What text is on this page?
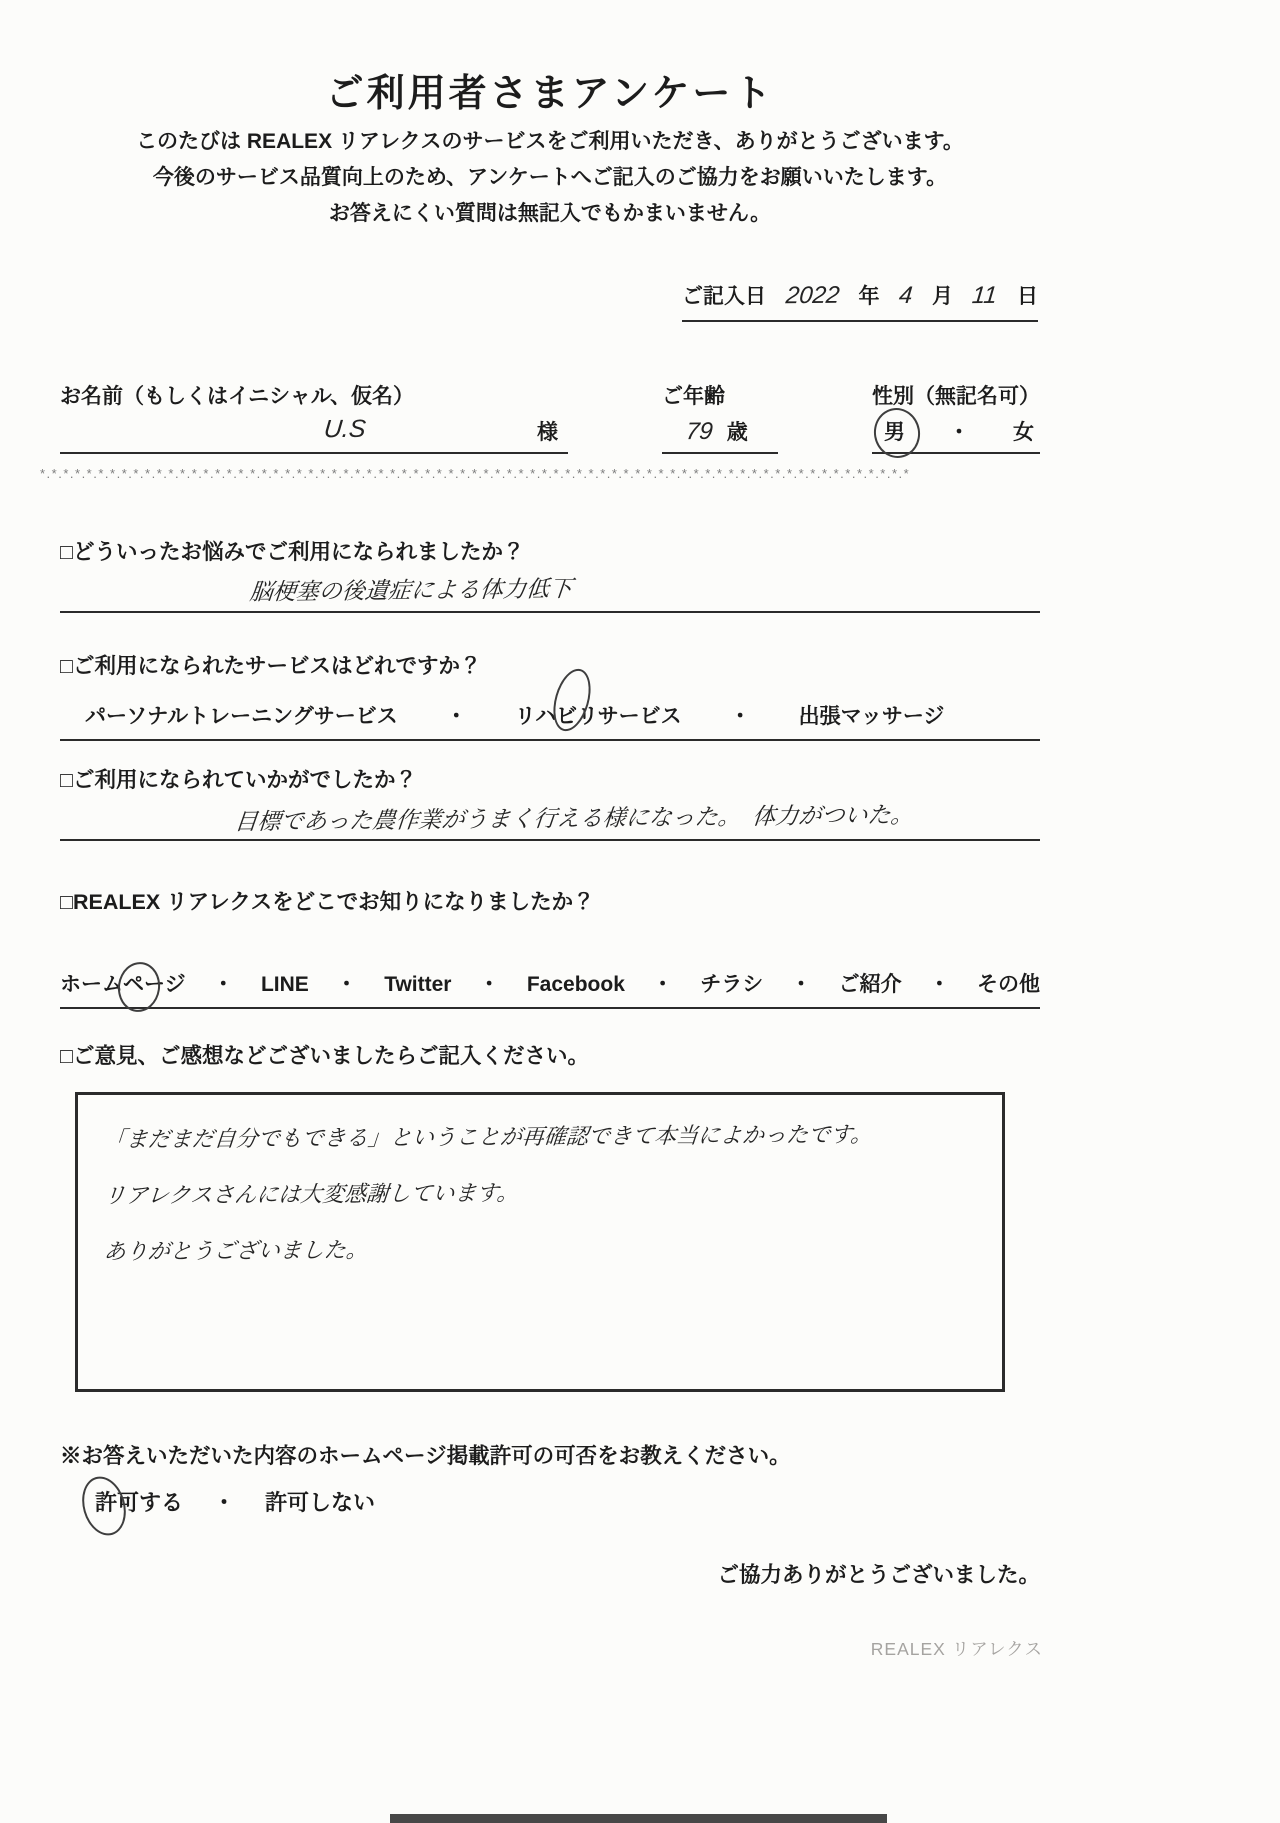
ご利用者さまアンケート
このたびは REALEX リアレクスのサービスをご利用いただき、ありがとうございます。
今後のサービス品質向上のため、アンケートへご記入のご協力をお願いいたします。
お答えにくい質問は無記入でもかまいません。
ご記入日 2022 年 4 月 11 日
お名前（もしくはイニシャル、仮名）
U.S	様
ご年齢
79 歳
性別（無記名可）
男 ・ 女
*.*.*.*.*.*.*.*.*.*.*.*.*.*.*.*.*.*.*.*.*.*.*.*.*.*.*.*.*.*.*.*.*.*.*.*.*.*.*.*.*.*.*.*.*.*.*.*.*.*.*.*.*.*.*.*.*.*.*.*.*.*.*.*.*.*.*.*.*.*.*.*.*.*.*
□どういったお悩みでご利用になられましたか？
脳梗塞の後遺症による体力低下
□ご利用になられたサービスはどれですか？
パーソナルトレーニングサービス ・ リハビリサービス ・ 出張マッサージ
□ご利用になられていかがでしたか？
目標であった農作業がうまく行える様になった。　体力がついた。
□REALEX リアレクスをどこでお知りになりましたか？
ホームページ ・ LINE ・ Twitter ・ Facebook ・ チラシ ・ ご紹介 ・ その他
□ご意見、ご感想などございましたらご記入ください。
「まだまだ自分でもできる」ということが再確認できて本当によかったです。
リアレクスさんには大変感謝しています。
ありがとうございました。
※お答えいただいた内容のホームページ掲載許可の可否をお教えください。
許可する ・ 許可しない
ご協力ありがとうございました。
REALEX リアレクス
